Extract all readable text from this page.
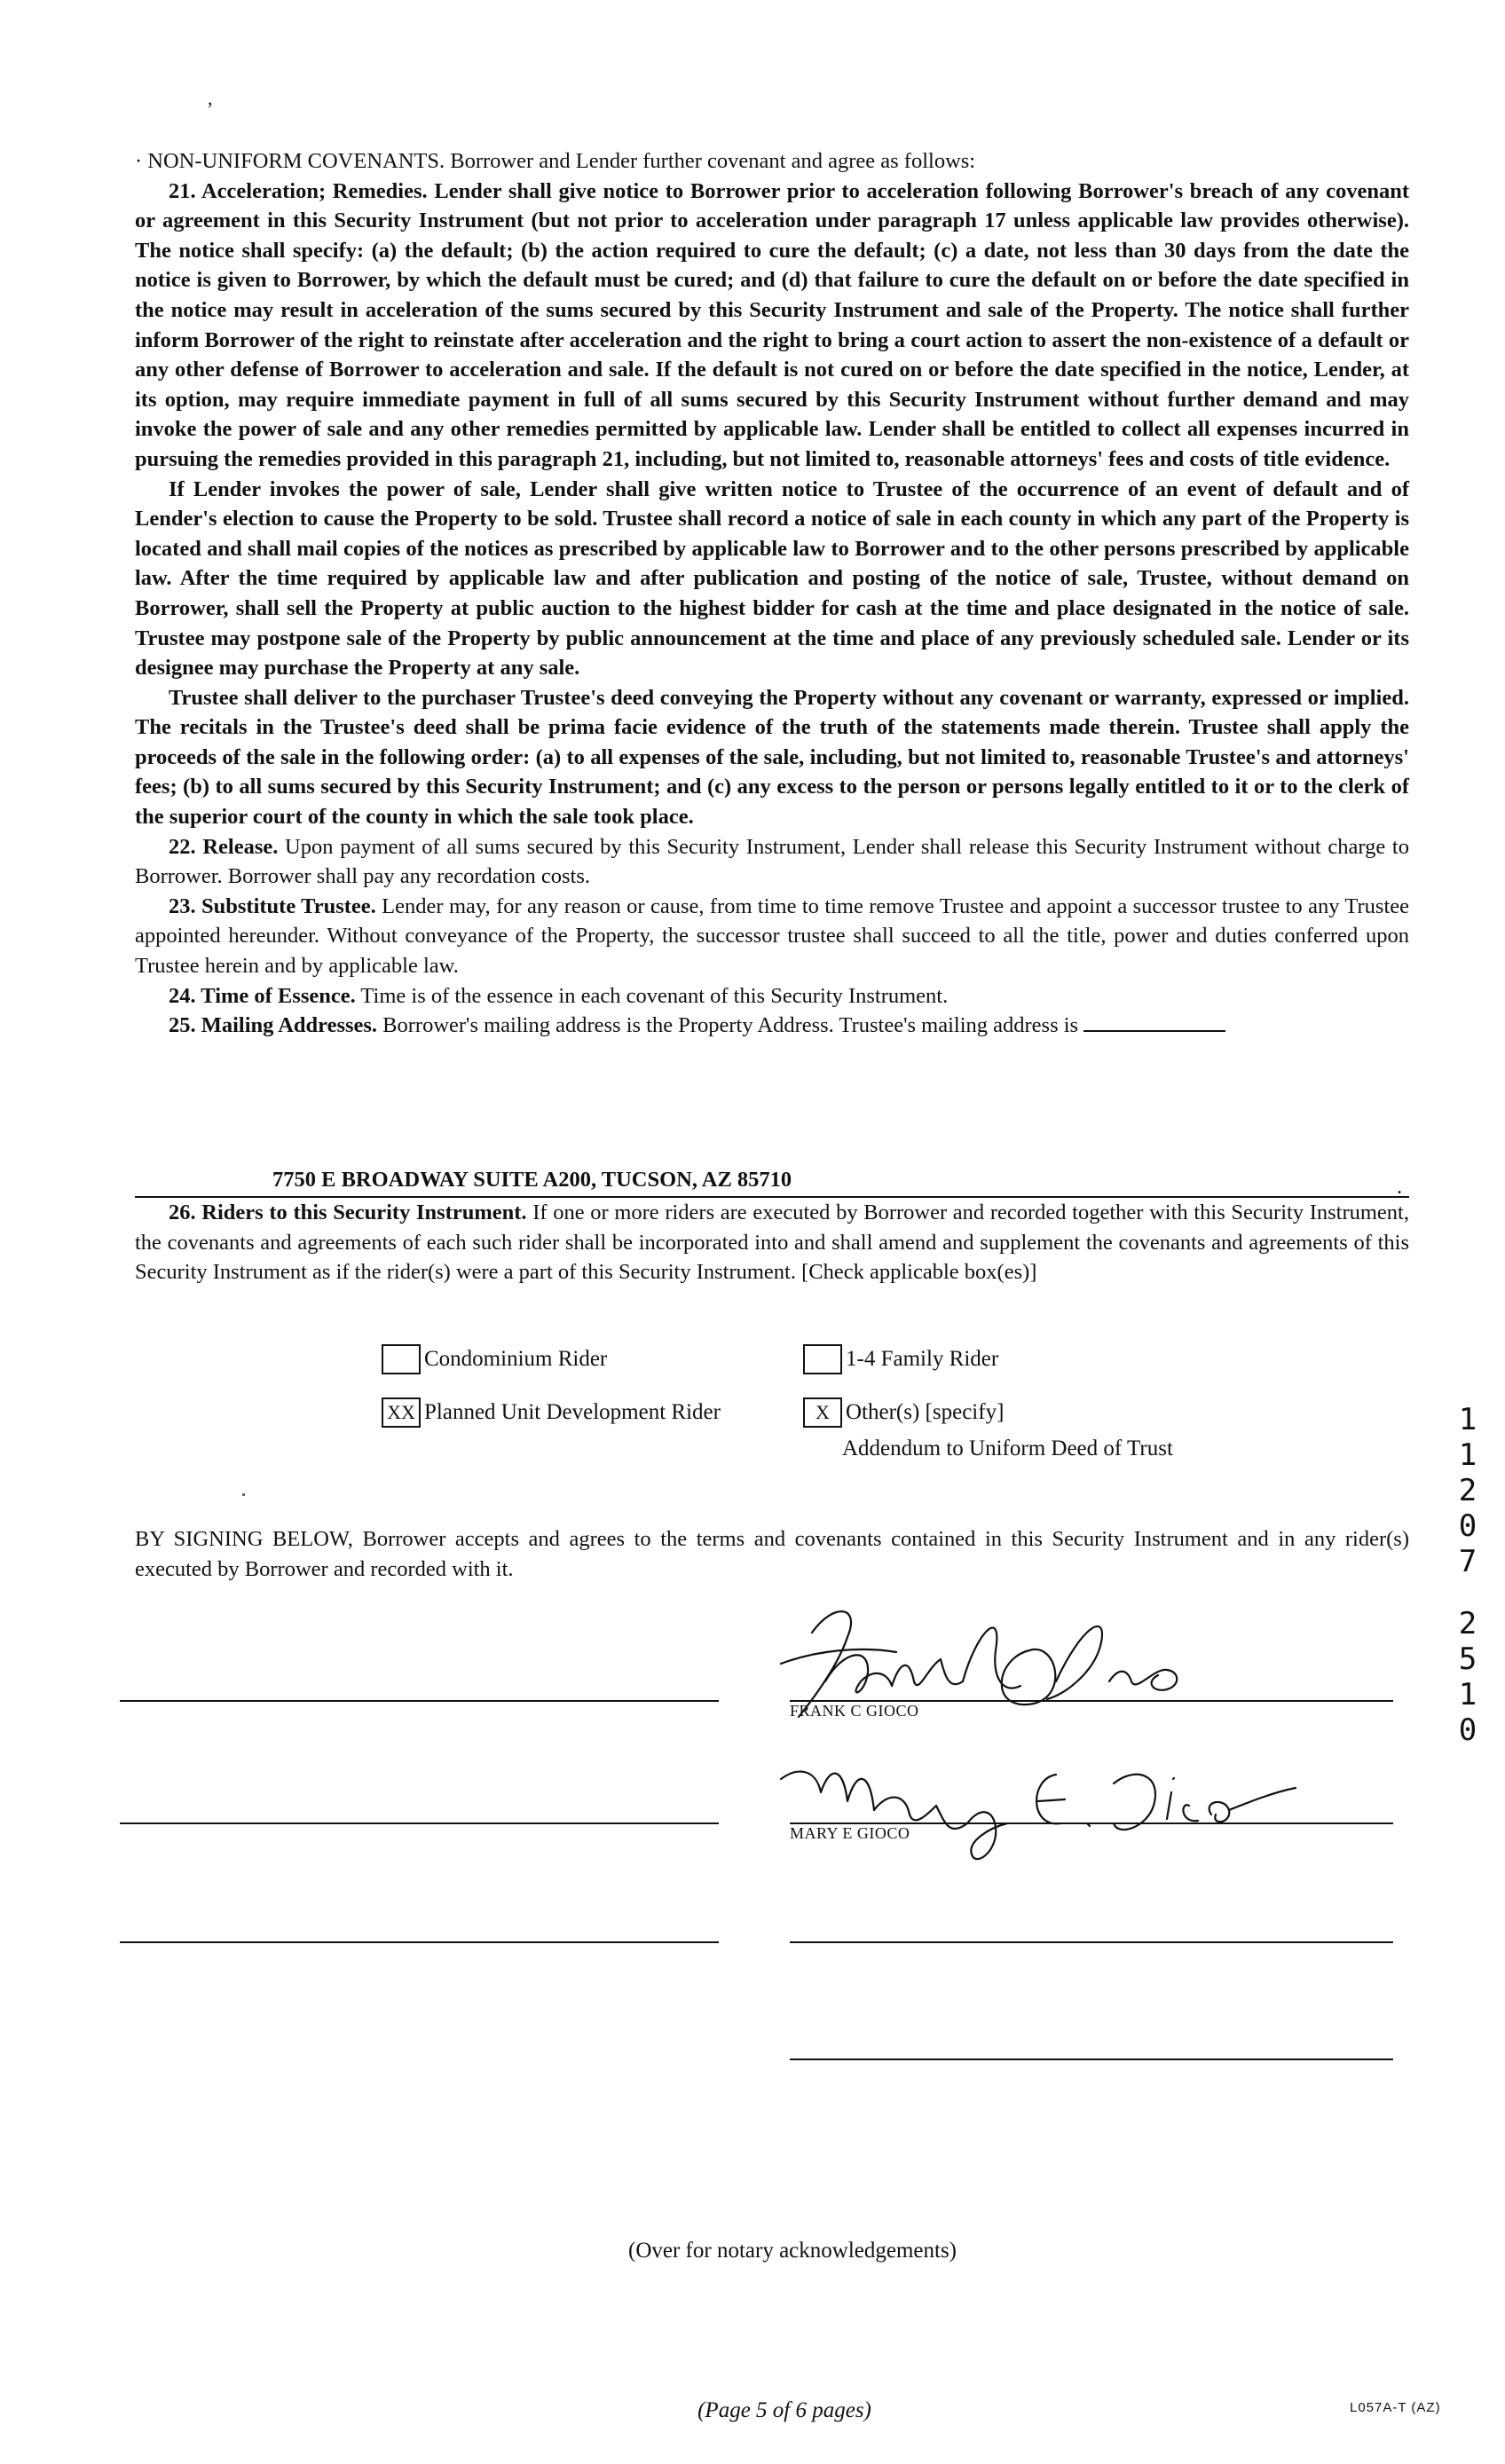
,

· NON-UNIFORM COVENANTS. Borrower and Lender further covenant and agree as follows:

21. Acceleration; Remedies. Lender shall give notice to Borrower prior to acceleration following Borrower's breach of any covenant or agreement in this Security Instrument (but not prior to acceleration under paragraph 17 unless applicable law provides otherwise). The notice shall specify: (a) the default; (b) the action required to cure the default; (c) a date, not less than 30 days from the date the notice is given to Borrower, by which the default must be cured; and (d) that failure to cure the default on or before the date specified in the notice may result in acceleration of the sums secured by this Security Instrument and sale of the Property. The notice shall further inform Borrower of the right to reinstate after acceleration and the right to bring a court action to assert the non-existence of a default or any other defense of Borrower to acceleration and sale. If the default is not cured on or before the date specified in the notice, Lender, at its option, may require immediate payment in full of all sums secured by this Security Instrument without further demand and may invoke the power of sale and any other remedies permitted by applicable law. Lender shall be entitled to collect all expenses incurred in pursuing the remedies provided in this paragraph 21, including, but not limited to, reasonable attorneys' fees and costs of title evidence.

If Lender invokes the power of sale, Lender shall give written notice to Trustee of the occurrence of an event of default and of Lender's election to cause the Property to be sold. Trustee shall record a notice of sale in each county in which any part of the Property is located and shall mail copies of the notices as prescribed by applicable law to Borrower and to the other persons prescribed by applicable law. After the time required by applicable law and after publication and posting of the notice of sale, Trustee, without demand on Borrower, shall sell the Property at public auction to the highest bidder for cash at the time and place designated in the notice of sale. Trustee may postpone sale of the Property by public announcement at the time and place of any previously scheduled sale. Lender or its designee may purchase the Property at any sale.

Trustee shall deliver to the purchaser Trustee's deed conveying the Property without any covenant or warranty, expressed or implied. The recitals in the Trustee's deed shall be prima facie evidence of the truth of the statements made therein. Trustee shall apply the proceeds of the sale in the following order: (a) to all expenses of the sale, including, but not limited to, reasonable Trustee's and attorneys' fees; (b) to all sums secured by this Security Instrument; and (c) any excess to the person or persons legally entitled to it or to the clerk of the superior court of the county in which the sale took place.

22. Release. Upon payment of all sums secured by this Security Instrument, Lender shall release this Security Instrument without charge to Borrower. Borrower shall pay any recordation costs.

23. Substitute Trustee. Lender may, for any reason or cause, from time to time remove Trustee and appoint a successor trustee to any Trustee appointed hereunder. Without conveyance of the Property, the successor trustee shall succeed to all the title, power and duties conferred upon Trustee herein and by applicable law.

24. Time of Essence. Time is of the essence in each covenant of this Security Instrument.

25. Mailing Addresses. Borrower's mailing address is the Property Address. Trustee's mailing address is

7750 E BROADWAY SUITE A200, TUCSON, AZ 85710	.

26. Riders to this Security Instrument. If one or more riders are executed by Borrower and recorded together with this Security Instrument, the covenants and agreements of each such rider shall be incorporated into and shall amend and supplement the covenants and agreements of this Security Instrument as if the rider(s) were a part of this Security Instrument. [Check applicable box(es)]

Condominium Rider	1-4 Family Rider
XX Planned Unit Development Rider	X Other(s) [specify]
Addendum to Uniform Deed of Trust
BY SIGNING BELOW, Borrower accepts and agrees to the terms and covenants contained in this Security Instrument and in any rider(s) executed by Borrower and recorded with it.
FRANK C GIOCO
MARY E GIOCO
(Over for notary acknowledgements)
(Page 5 of 6 pages)	L057A-T (AZ)
1
1
2
0
7
2
5
1
0
